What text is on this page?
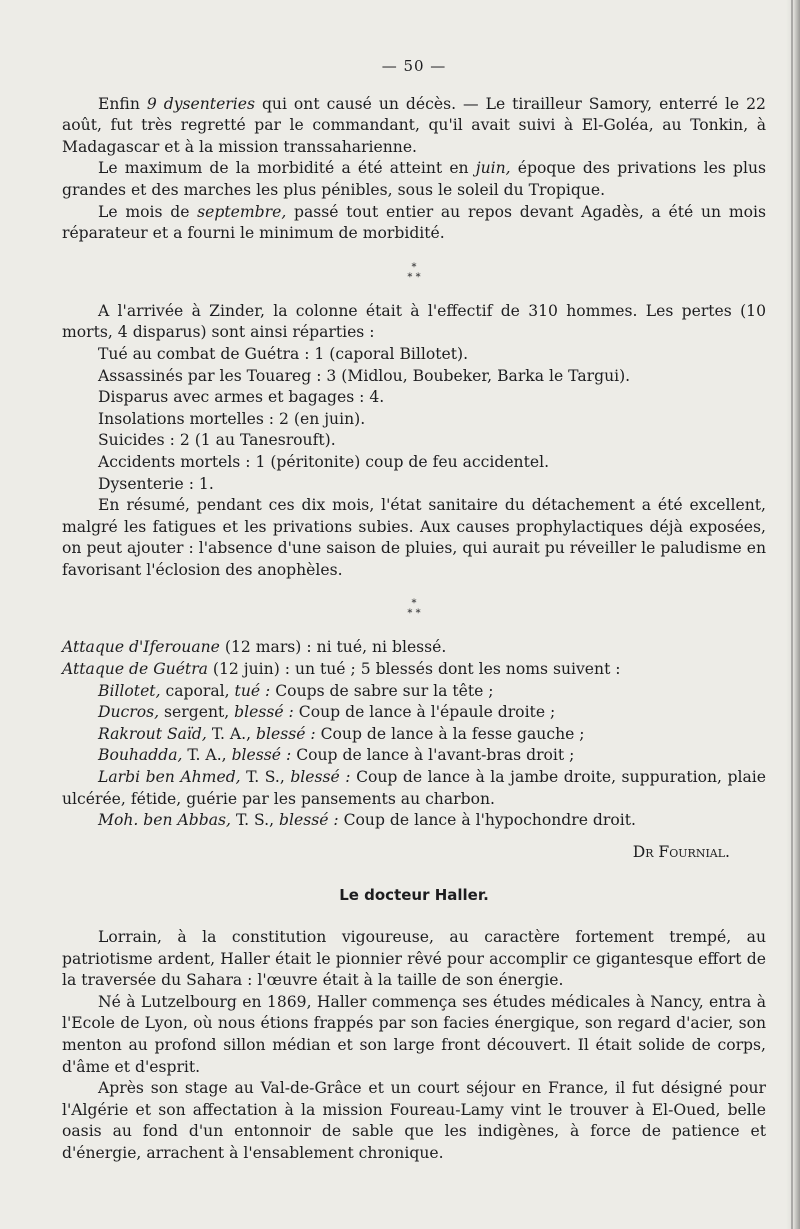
— 50 —

Enfin 9 dysenteries qui ont causé un décès. — Le tirailleur Samory, enterré le 22 août, fut très regretté par le commandant, qu'il avait suivi à El-Goléa, au Tonkin, à Madagascar et à la mission transsaharienne.

Le maximum de la morbidité a été atteint en juin, époque des privations les plus grandes et des marches les plus pénibles, sous le soleil du Tropique.

Le mois de septembre, passé tout entier au repos devant Agadès, a été un mois réparateur et a fourni le minimum de morbidité.

*
* *

A l'arrivée à Zinder, la colonne était à l'effectif de 310 hommes. Les pertes (10 morts, 4 disparus) sont ainsi réparties :

Tué au combat de Guétra : 1 (caporal Billotet).

Assassinés par les Touareg : 3 (Midlou, Boubeker, Barka le Targui).

Disparus avec armes et bagages : 4.

Insolations mortelles : 2 (en juin).

Suicides : 2 (1 au Tanesrouft).

Accidents mortels : 1 (péritonite) coup de feu accidentel.

Dysenterie : 1.

En résumé, pendant ces dix mois, l'état sanitaire du détachement a été excellent, malgré les fatigues et les privations subies. Aux causes prophylactiques déjà exposées, on peut ajouter : l'absence d'une saison de pluies, qui aurait pu réveiller le paludisme en favorisant l'éclosion des anophèles.

*
* *

Attaque d'Iferouane (12 mars) : ni tué, ni blessé.

Attaque de Guétra (12 juin) : un tué ; 5 blessés dont les noms suivent :

Billotet, caporal, tué : Coups de sabre sur la tête ;

Ducros, sergent, blessé : Coup de lance à l'épaule droite ;

Rakrout Saïd, T. A., blessé : Coup de lance à la fesse gauche ;

Bouhadda, T. A., blessé : Coup de lance à l'avant-bras droit ;

Larbi ben Ahmed, T. S., blessé : Coup de lance à la jambe droite, suppuration, plaie ulcérée, fétide, guérie par les pansements au charbon.

Moh. ben Abbas, T. S., blessé : Coup de lance à l'hypochondre droit.

Dr Fournial.

Le docteur Haller.

Lorrain, à la constitution vigoureuse, au caractère fortement trempé, au patriotisme ardent, Haller était le pionnier rêvé pour accomplir ce gigantesque effort de la traversée du Sahara : l'œuvre était à la taille de son énergie.

Né à Lutzelbourg en 1869, Haller commença ses études médicales à Nancy, entra à l'Ecole de Lyon, où nous étions frappés par son facies énergique, son regard d'acier, son menton au profond sillon médian et son large front découvert. Il était solide de corps, d'âme et d'esprit.

Après son stage au Val-de-Grâce et un court séjour en France, il fut désigné pour l'Algérie et son affectation à la mission Foureau-Lamy vint le trouver à El-Oued, belle oasis au fond d'un entonnoir de sable que les indigènes, à force de patience et d'énergie, arrachent à l'ensablement chronique.
